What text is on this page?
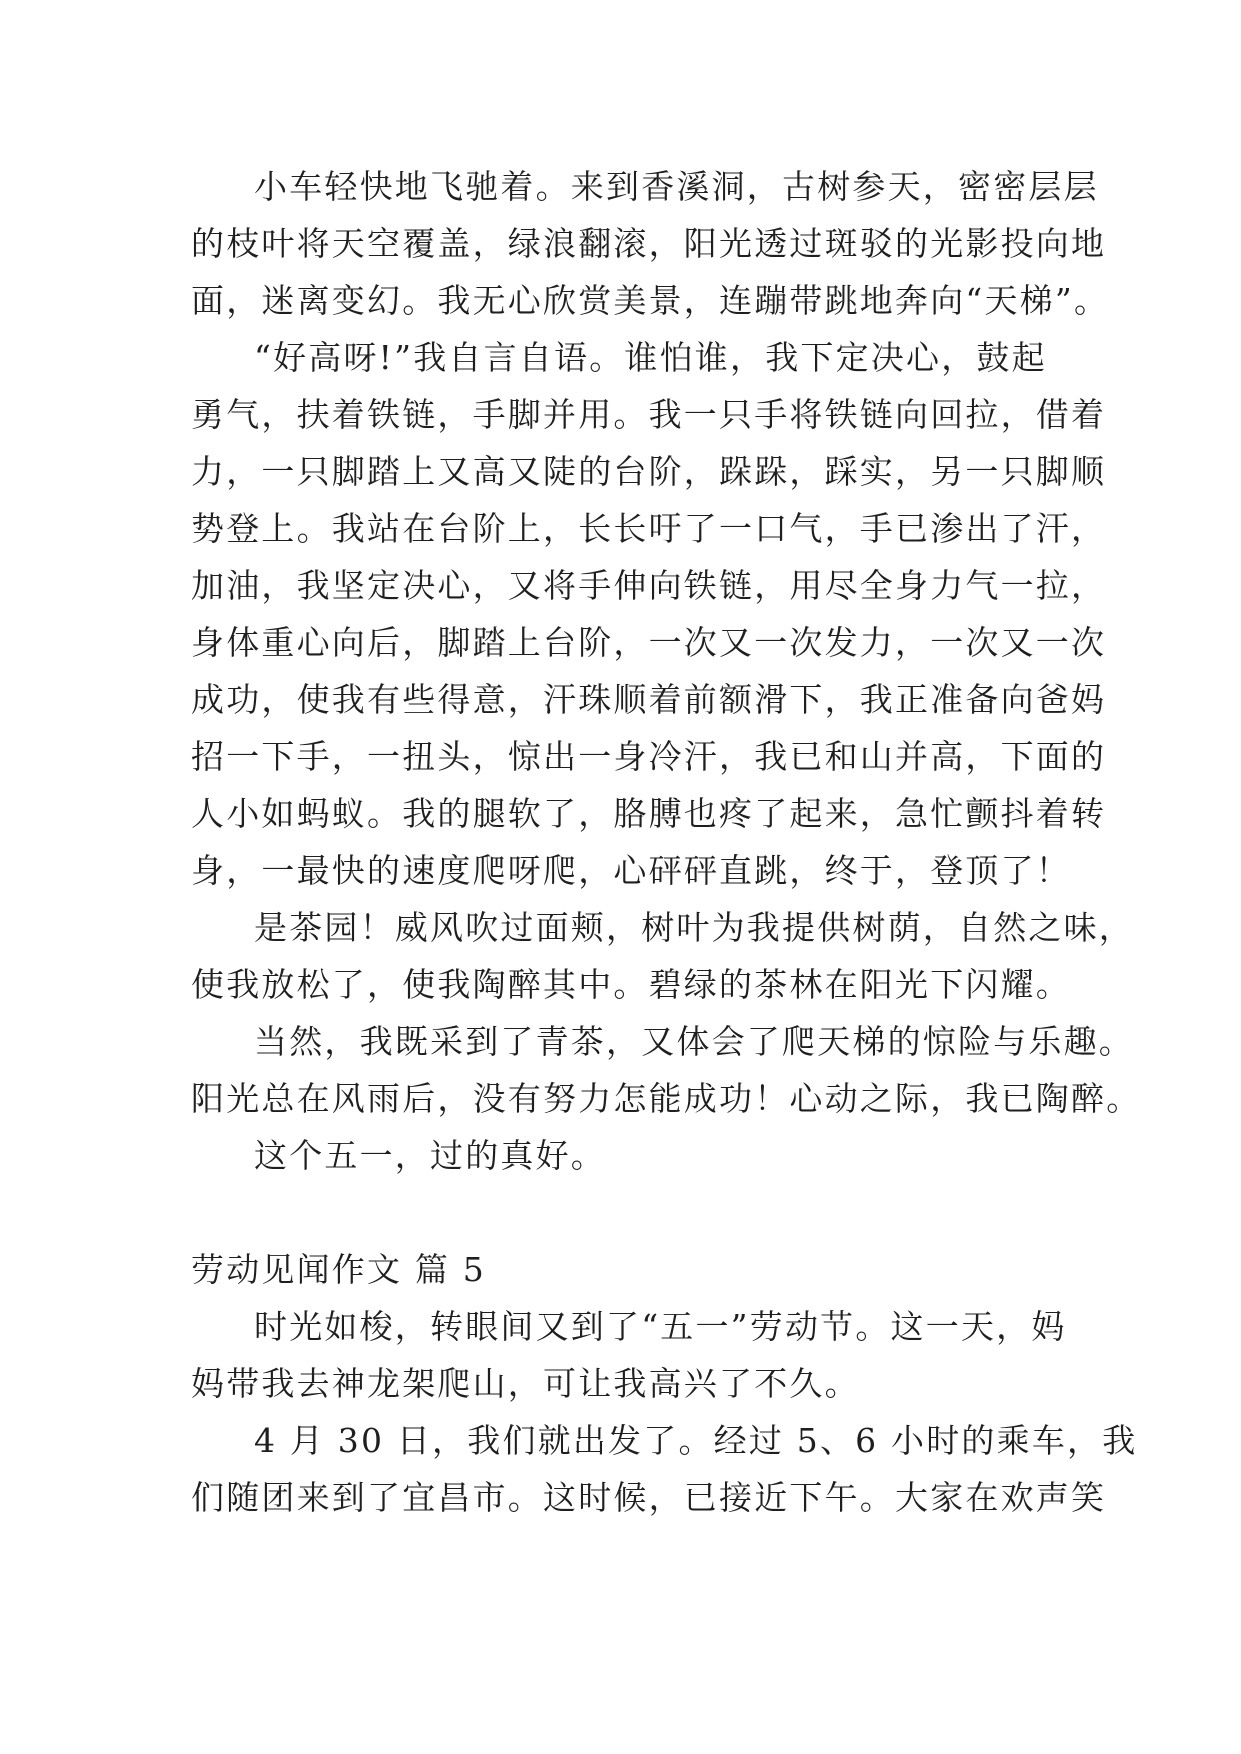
小车轻快地飞驰着。来到香溪洞，古树参天，密密层层
的枝叶将天空覆盖，绿浪翻滚，阳光透过斑驳的光影投向地
面，迷离变幻。我无心欣赏美景，连蹦带跳地奔向“天梯”。
“好高呀!”我自言自语。谁怕谁，我下定决心，鼓起
勇气，扶着铁链，手脚并用。我一只手将铁链向回拉，借着
力，一只脚踏上又高又陡的台阶，跺跺，踩实，另一只脚顺
势登上。我站在台阶上，长长吁了一口气，手已渗出了汗，
加油，我坚定决心，又将手伸向铁链，用尽全身力气一拉，
身体重心向后，脚踏上台阶，一次又一次发力，一次又一次
成功，使我有些得意，汗珠顺着前额滑下，我正准备向爸妈
招一下手，一扭头，惊出一身冷汗，我已和山并高，下面的
人小如蚂蚁。我的腿软了，胳膊也疼了起来，急忙颤抖着转
身，一最快的速度爬呀爬，心砰砰直跳，终于，登顶了！
是茶园！威风吹过面颊，树叶为我提供树荫，自然之味，
使我放松了，使我陶醉其中。碧绿的茶林在阳光下闪耀。
当然，我既采到了青茶，又体会了爬天梯的惊险与乐趣。
阳光总在风雨后，没有努力怎能成功！心动之际，我已陶醉。
这个五一，过的真好。
劳动见闻作文 篇 5
时光如梭，转眼间又到了“五一”劳动节。这一天，妈
妈带我去神龙架爬山，可让我高兴了不久。
4 月 30 日，我们就出发了。经过 5、6 小时的乘车，我
们随团来到了宜昌市。这时候，已接近下午。大家在欢声笑
